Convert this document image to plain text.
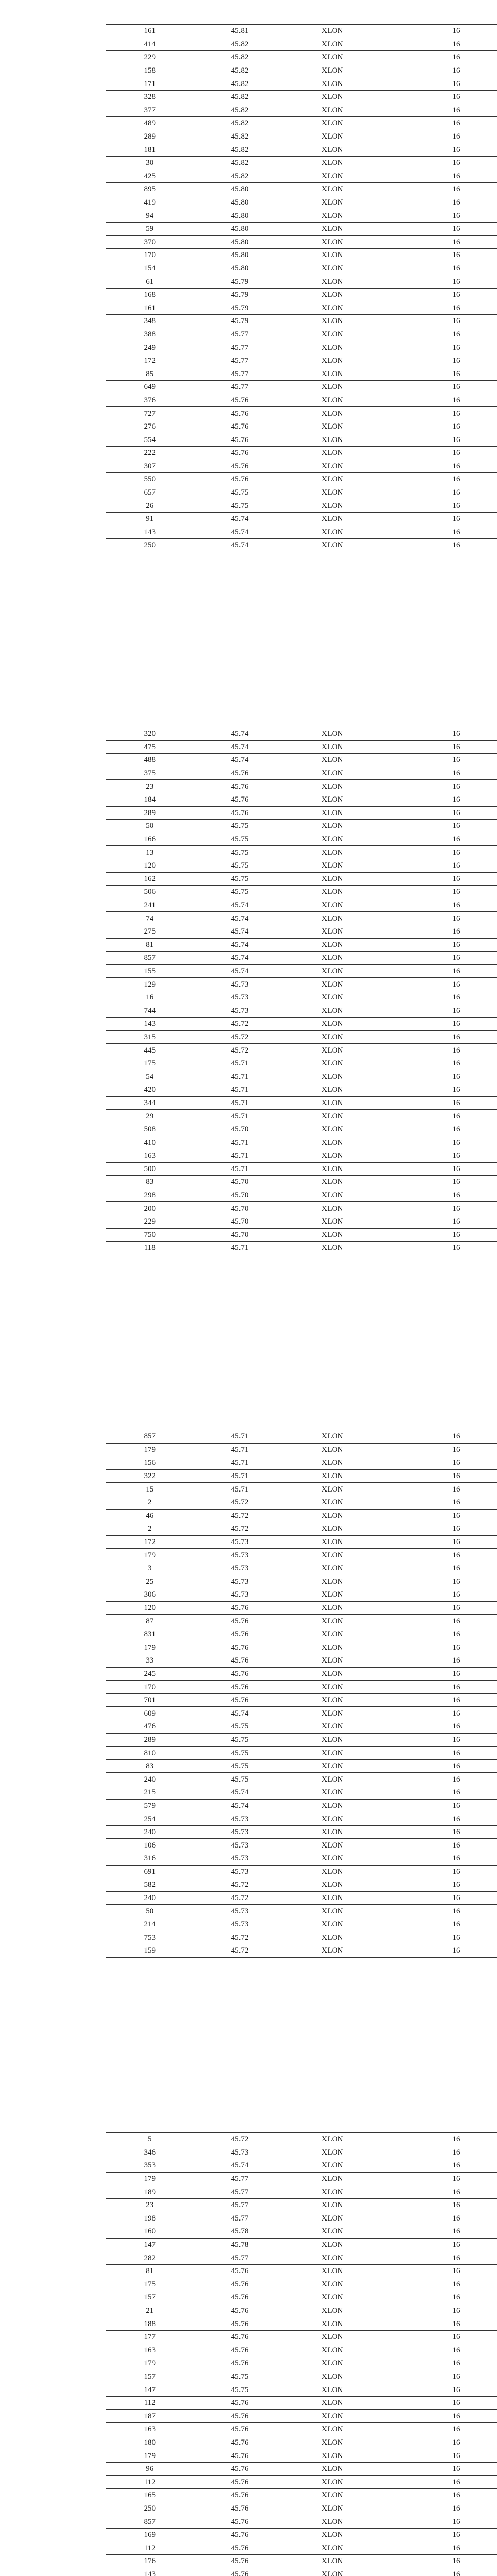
161	45.81	XLON	16
414	45.82	XLON	16
229	45.82	XLON	16
158	45.82	XLON	16
171	45.82	XLON	16
328	45.82	XLON	16
377	45.82	XLON	16
489	45.82	XLON	16
289	45.82	XLON	16
181	45.82	XLON	16
30	45.82	XLON	16
425	45.82	XLON	16
895	45.80	XLON	16
419	45.80	XLON	16
94	45.80	XLON	16
59	45.80	XLON	16
370	45.80	XLON	16
170	45.80	XLON	16
154	45.80	XLON	16
61	45.79	XLON	16
168	45.79	XLON	16
161	45.79	XLON	16
348	45.79	XLON	16
388	45.77	XLON	16
249	45.77	XLON	16
172	45.77	XLON	16
85	45.77	XLON	16
649	45.77	XLON	16
376	45.76	XLON	16
727	45.76	XLON	16
276	45.76	XLON	16
554	45.76	XLON	16
222	45.76	XLON	16
307	45.76	XLON	16
550	45.76	XLON	16
657	45.75	XLON	16
26	45.75	XLON	16
91	45.74	XLON	16
143	45.74	XLON	16
250	45.74	XLON	16
320	45.74	XLON	16
475	45.74	XLON	16
488	45.74	XLON	16
375	45.76	XLON	16
23	45.76	XLON	16
184	45.76	XLON	16
289	45.76	XLON	16
50	45.75	XLON	16
166	45.75	XLON	16
13	45.75	XLON	16
120	45.75	XLON	16
162	45.75	XLON	16
506	45.75	XLON	16
241	45.74	XLON	16
74	45.74	XLON	16
275	45.74	XLON	16
81	45.74	XLON	16
857	45.74	XLON	16
155	45.74	XLON	16
129	45.73	XLON	16
16	45.73	XLON	16
744	45.73	XLON	16
143	45.72	XLON	16
315	45.72	XLON	16
445	45.72	XLON	16
175	45.71	XLON	16
54	45.71	XLON	16
420	45.71	XLON	16
344	45.71	XLON	16
29	45.71	XLON	16
508	45.70	XLON	16
410	45.71	XLON	16
163	45.71	XLON	16
500	45.71	XLON	16
83	45.70	XLON	16
298	45.70	XLON	16
200	45.70	XLON	16
229	45.70	XLON	16
750	45.70	XLON	16
118	45.71	XLON	16
857	45.71	XLON	16
179	45.71	XLON	16
156	45.71	XLON	16
322	45.71	XLON	16
15	45.71	XLON	16
2	45.72	XLON	16
46	45.72	XLON	16
2	45.72	XLON	16
172	45.73	XLON	16
179	45.73	XLON	16
3	45.73	XLON	16
25	45.73	XLON	16
306	45.73	XLON	16
120	45.76	XLON	16
87	45.76	XLON	16
831	45.76	XLON	16
179	45.76	XLON	16
33	45.76	XLON	16
245	45.76	XLON	16
170	45.76	XLON	16
701	45.76	XLON	16
609	45.74	XLON	16
476	45.75	XLON	16
289	45.75	XLON	16
810	45.75	XLON	16
83	45.75	XLON	16
240	45.75	XLON	16
215	45.74	XLON	16
579	45.74	XLON	16
254	45.73	XLON	16
240	45.73	XLON	16
106	45.73	XLON	16
316	45.73	XLON	16
691	45.73	XLON	16
582	45.72	XLON	16
240	45.72	XLON	16
50	45.73	XLON	16
214	45.73	XLON	16
753	45.72	XLON	16
159	45.72	XLON	16
5	45.72	XLON	16
346	45.73	XLON	16
353	45.74	XLON	16
179	45.77	XLON	16
189	45.77	XLON	16
23	45.77	XLON	16
198	45.77	XLON	16
160	45.78	XLON	16
147	45.78	XLON	16
282	45.77	XLON	16
81	45.76	XLON	16
175	45.76	XLON	16
157	45.76	XLON	16
21	45.76	XLON	16
188	45.76	XLON	16
177	45.76	XLON	16
163	45.76	XLON	16
179	45.76	XLON	16
157	45.75	XLON	16
147	45.75	XLON	16
112	45.76	XLON	16
187	45.76	XLON	16
163	45.76	XLON	16
180	45.76	XLON	16
179	45.76	XLON	16
96	45.76	XLON	16
112	45.76	XLON	16
165	45.76	XLON	16
250	45.76	XLON	16
857	45.76	XLON	16
169	45.76	XLON	16
112	45.76	XLON	16
176	45.76	XLON	16
143	45.76	XLON	16
